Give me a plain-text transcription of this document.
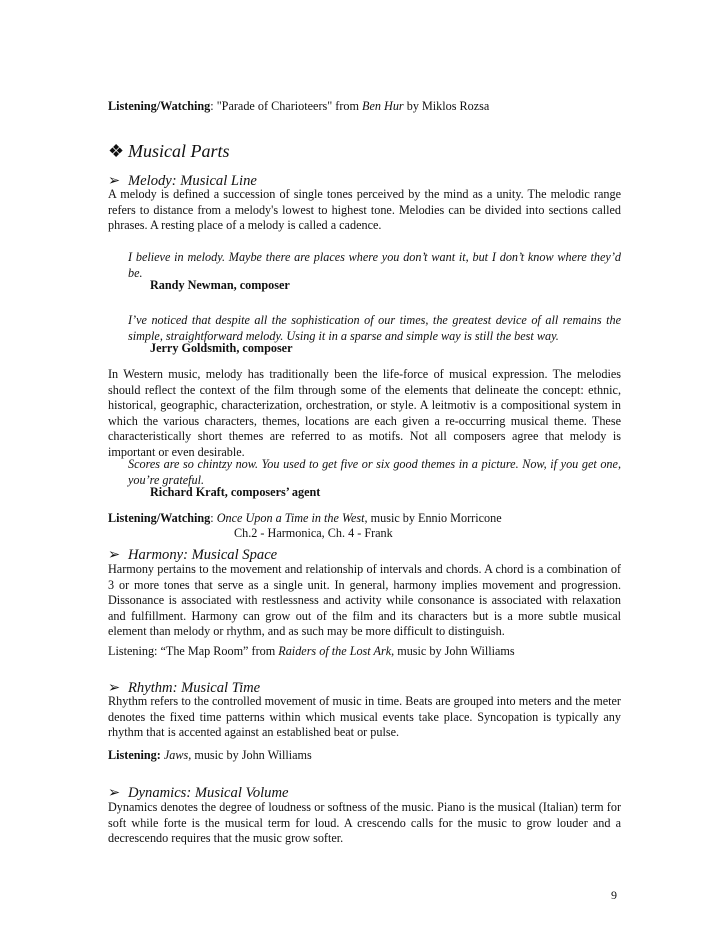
Listening/Watching: "Parade of Charioteers" from Ben Hur by Miklos Rozsa
❖ Musical Parts
➢ Melody: Musical Line
A melody is defined a succession of single tones perceived by the mind as a unity. The melodic range refers to distance from a melody's lowest to highest tone. Melodies can be divided into sections called phrases. A resting place of a melody is called a cadence.
I believe in melody. Maybe there are places where you don’t want it, but I don’t know where they’d be.
Randy Newman, composer
I’ve noticed that despite all the sophistication of our times, the greatest device of all remains the simple, straightforward melody. Using it in a sparse and simple way is still the best way.
Jerry Goldsmith, composer
In Western music, melody has traditionally been the life-force of musical expression. The melodies should reflect the context of the film through some of the elements that delineate the concept: ethnic, historical, geographic, characterization, orchestration, or style. A leitmotiv is a compositional system in which the various characters, themes, locations are each given a re-occurring musical theme. These characteristically short themes are referred to as motifs. Not all composers agree that melody is important or even desirable.
Scores are so chintzy now. You used to get five or six good themes in a picture. Now, if you get one, you’re grateful.
Richard Kraft, composers’ agent
Listening/Watching: Once Upon a Time in the West, music by Ennio Morricone
Ch.2 - Harmonica, Ch. 4 - Frank
➢ Harmony: Musical Space
Harmony pertains to the movement and relationship of intervals and chords. A chord is a combination of 3 or more tones that serve as a single unit. In general, harmony implies movement and progression. Dissonance is associated with restlessness and activity while consonance is associated with relaxation and fulfillment. Harmony can grow out of the film and its characters but is a more subtle musical element than melody or rhythm, and as such may be more difficult to distinguish.
Listening: “The Map Room” from Raiders of the Lost Ark, music by John Williams
➢ Rhythm: Musical Time
Rhythm refers to the controlled movement of music in time. Beats are grouped into meters and the meter denotes the fixed time patterns within which musical events take place. Syncopation is typically any rhythm that is accented against an established beat or pulse.
Listening: Jaws, music by John Williams
➢ Dynamics: Musical Volume
Dynamics denotes the degree of loudness or softness of the music. Piano is the musical (Italian) term for soft while forte is the musical term for loud. A crescendo calls for the music to grow louder and a decrescendo requires that the music grow softer.
9
